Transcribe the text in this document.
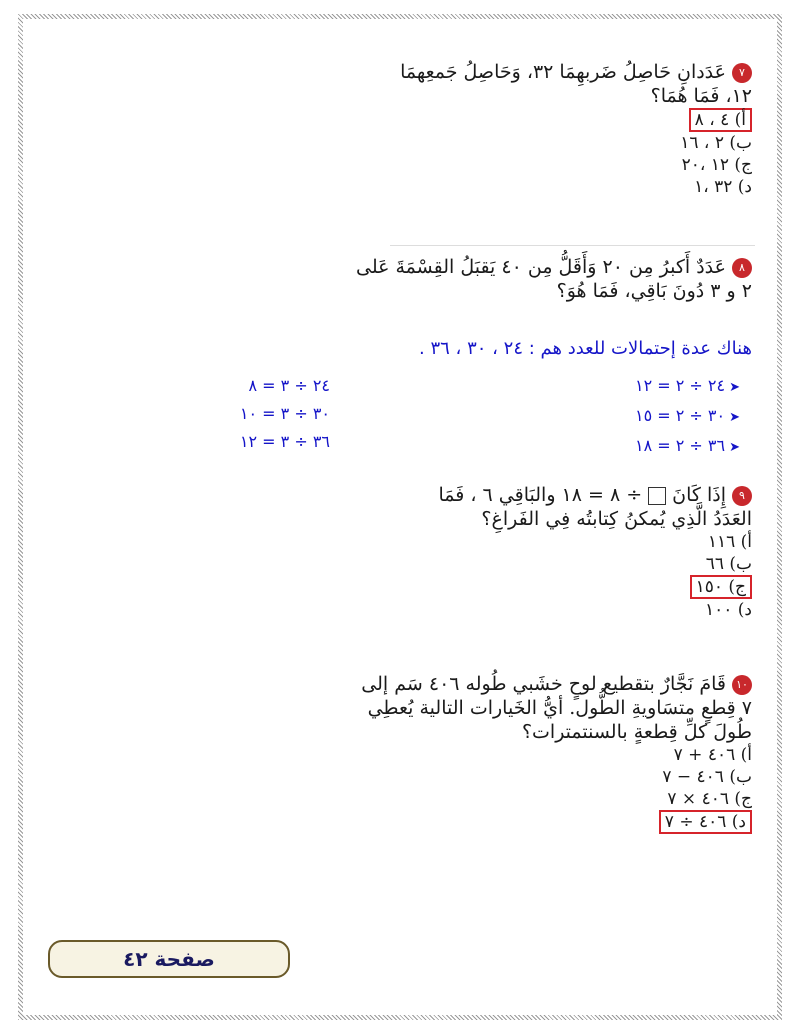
٧عَدَدانِ حَاصِلُ ضَربهِمَا ٣٢، وَحَاصِلُ جَمعِهمَا ١٢، فَمَا هُمَا؟
أ) ٤ ، ٨
ب) ٢ ، ١٦
ج) ١٢ ،٢٠
د) ٣٢ ،١
٨عَدَدٌ أَكبرُ مِن ٢٠ وَأَقَلُّ مِن ٤٠ يَقبَلُ القِسْمَةَ عَلى ٢ و ٣ دُونَ بَاقِي، فَمَا هُوَ؟
هناك عدة إحتمالات للعدد هم : ٢٤ ، ٣٠ ، ٣٦ .
➤٢٤ ÷ ٢ = ١٢
➤٣٠ ÷ ٢ = ١٥
➤٣٦ ÷ ٢ = ١٨
٢٤ ÷ ٣ = ٨
٣٠ ÷ ٣ = ١٠
٣٦ ÷ ٣ = ١٢
٩إِذَا كَانَ÷ ٨ = ١٨ والبَاقِي ٦ ، فَمَا
العَدَدُ الَّذِي يُمكنُ كِتابتُه فِي الفَراغِ؟
أ) ١١٦
ب) ٦٦
ج) ١٥٠
د) ١٠٠
١٠قَامَ نَجَّارٌ بتقطيع لوحٍ خشَبي طُوله ٤٠٦ سَم إلى ٧ قِطعٍ متسَاويةِ الطُّول. أيُّ الخَيارات التالية يُعطِي طُولَ كلِّ قِطعةٍ بالسنتمترات؟
أ) ٤٠٦ + ٧
ب) ٤٠٦ − ٧
ج) ٤٠٦ × ٧
د) ٤٠٦ ÷ ٧
صفحة ٤٢
